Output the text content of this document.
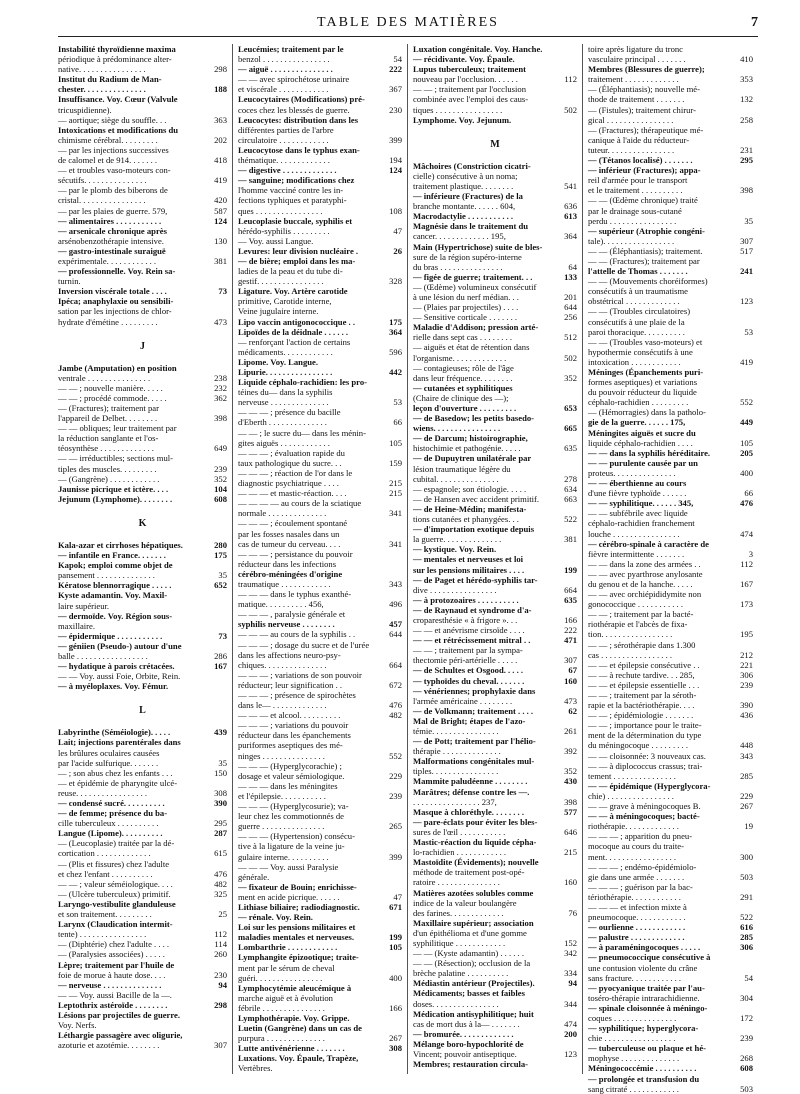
TABLE DES MATIÈRES	7
Instabilité thyroïdienne maxima
périodique à prédominance alter-
native. . . . . . . . . . . . . . . .	298
Institut du Radium de Man-
chester. . . . . . . . . . . . . . .	188
Insuffisance. Voy. Cœur (Valvule
tricuspidienne).
— aortique; siège du souffle. . .	363
Intoxications et modifications du
chimisme cérébral. . . . . . . . .	202
— par les injections successives
de calomel et de 914. . . . . . .	418
— et troubles vaso-moteurs con-
sécutifs. . . . . . . . . . . . . . .	419
— par le plomb des biberons de
cristal. . . . . . . . . . . . . . . .	420
— par les plaies de guerre. 579,	587
— alimentaires . . . . . . . . . . .	124
— arsenicale chronique après
arsénobenzothérapie intensive.	130
— gastro-intestinale suraiguë
expérimentale. . . . . . . . . . . .	381
— professionnelle. Voy. Rein sa-
turnin.
Inversion viscérale totale . . . .	73
Ipéca; anaphylaxie ou sensibili-
sation par les injections de chlor-
hydrate d'émétine . . . . . . . . .	473
J
Jambe (Amputation) en position
ventrale . . . . . . . . . . . . . . .	238
— — ; nouvelle manière. . . . .	232
— — ; procédé commode. . . . .	362
— (Fractures); traitement par
l'appareil de Delbet. . . . . . . .	398
— — obliques; leur traitement par
la réduction sanglante et l'os-
téosynthèse . . . . . . . . . . . . .	649
— — irréductibles; sections mul-
tiples des muscles. . . . . . . . .	239
— (Gangrène) . . . . . . . . . . . .	352
Jaunisse picrique et ictère. . . .	104
Jejunum (Lymphome). . . . . . . .	608
K
Kala-azar et cirrhoses hépatiques.	280
— infantile en France. . . . . . .	175
Kapok; emploi comme objet de
pansement . . . . . . . . . . . . . .	35
Kératose blennorragique . . . . .	652
Kyste adamantin. Voy. Maxil-
laire supérieur.
— dermoïde. Voy. Région sous-
maxillaire.
— épidermique . . . . . . . . . . .	73
— géniien (Pseudo-) autour d'une
balle . . . . . . . . . . . . . . . . .	286
— hydatique à parois crétacées.	167
— — Voy. aussi Foie, Orbite, Rein.
— à myéloplaxes. Voy. Fémur.
L
Labyrinthe (Séméiologie). . . . .	439
Lait; injections parentérales dans
les brûlures oculaires causées
par l'acide sulfurique. . . . . . .	35
— ; son abus chez les enfants . . .	150
— et épidémie de pharyngite ulcé-
reuse. . . . . . . . . . . . . . . . .	308
— condensé sucré. . . . . . . . . .	390
— de femme; présence du ba-
cille tuberculeux . . . . . . . . . .	295
Langue (Lipome). . . . . . . . . .	287
— (Leucoplasie) traitée par la dé-
cortication . . . . . . . . . . . . .	615
— (Plis et fissures) chez l'adulte
et chez l'enfant . . . . . . . . . .	476
— — ; valeur séméiologique. . . .	482
— (Ulcère tuberculeux) primitif.	325
Laryngo-vestibulite glanduleuse
et son traitement. . . . . . . . .	25
Larynx (Claudication intermit-
tente) . . . . . . . . . . . . . . . .	112
— (Diphtérie) chez l'adulte . . . .	114
— (Paralysies associées) . . . . .	260
Lèpre; traitement par l'huile de
foie de morue à haute dose. . . .	230
— nerveuse . . . . . . . . . . . . . .	94
— — Voy. aussi Bacille de la —.
Leptothrix astéroïde . . . . . . . .	298
Lésions par projectiles de guerre.
Voy. Nerfs.
Léthargie passagère avec oligurie,
azoturie et azotémie. . . . . . . .	307
Leucémies; traitement par le
benzol . . . . . . . . . . . . . . . .	54
— aiguë . . . . . . . . . . . . . . .	222
— — avec spirochétose urinaire
et viscérale . . . . . . . . . . . .	367
Leucocytaires (Modifications) pré-
coces chez les blessés de guerre.	230
Leucocytes: distribution dans les
différentes parties de l'arbre
circulatoire . . . . . . . . . . . .	399
Leucocytose dans le typhus exan-
thématique. . . . . . . . . . . . .	194
— digestive . . . . . . . . . . . . .	124
— sanguine; modifications chez
l'homme vacciné contre les in-
fections typhiques et paratyphi-
ques . . . . . . . . . . . . . . . .	108
Leucoplasie buccale, syphilis et
hérédo-syphilis . . . . . . . . .	47
— Voy. aussi Langue.
Levures: leur division nucléaire .	26
— de bière; emploi dans les ma-
ladies de la peau et du tube di-
gestif. . . . . . . . . . . . . . . .	328
Ligature. Voy. Artère carotide
primitive, Carotide interne,
Veine jugulaire interne.
Lipo vaccin antigonococcique . .	175
Lipoïdes de la déidnale . . . . . .	364
— renforçant l'action de certains
médicaments. . . . . . . . . . . .	596
Lipome. Voy. Langue.
Lipurie. . . . . . . . . . . . . . . .	442
Liquide céphalo-rachidien: les pro-
téines du— dans la syphilis
nerveuse . . . . . . . . . . . . . .	53
— — — ; présence du bacille
d'Eberth . . . . . . . . . . . . . .	66
— — ; le sucre du— dans les ménin-
gites aiguës . . . . . . . . . . . .	105
— — — ; évaluation rapide du
taux pathologique du sucre. . .	159
— — — ; réaction de l'or dans le
diagnostic psychiatrique . . . .	215
— — — et mastic-réaction. . . .	215
— — — — au cours de la sciatique
normale . . . . . . . . . . . . . .	341
— — — ; écoulement spontané
par les fosses nasales dans un
cas de tumeur du cerveau. . . .	341
— — — ; persistance du pouvoir
réducteur dans les infections
cérébro-méningées d'origine
traumatique . . . . . . . . . . . .	343
— — — dans le typhus exanthé-
matique. . . . . . . . . . 456,	496
— — — , paralysie générale et
syphilis nerveuse . . . . . . . .	457
— — — au cours de la syphilis . .	644
— — — ; dosage du sucre et de l'urée
dans les affections neuro-psy-
chiques. . . . . . . . . . . . . . .	664
— — — ; variations de son pouvoir
réducteur; leur signification . .	672
— — — ; présence de spirochètes
dans le— . . . . . . . . . . . . .	476
— — — et alcool. . . . . . . . . .	482
— — — ; variations du pouvoir
réducteur dans les épanchements
puriformes aseptiques des mé-
ninges . . . . . . . . . . . . . . .	552
— — — (Hyperglycorachie) ;
dosage et valeur sémiologique.	229
— — — dans les méningites
et l'épilepsie. . . . . . . . . . .	239
— — — (Hyperglycosurie); va-
leur chez les commotionnés de
guerre . . . . . . . . . . . . . . .	265
— — — (Hypertension) consécu-
tive à la ligature de la veine ju-
gulaire interne. . . . . . . . . .	399
— — — Voy. aussi Paralysie
générale.
— fixateur de Bouin; enrichisse-
ment en acide picrique. . . . . .	47
Lithiase biliaire; radiodiagnostic.	671
— rénale. Voy. Rein.
Loi sur les pensions militaires et
maladies mentales et nerveuses.	199
Lombarthrie . . . . . . . . . . . .	105
Lymphangite épizootique; traite-
ment par le sérum de cheval
guéri. . . . . . . . . . . . . . . .	400
Lymphocytémie aleucémique à
marche aiguë et à évolution
fébrile . . . . . . . . . . . . . . .	166
Lymphothérapie. Voy. Grippe.
Luetin (Gangrène) dans un cas de
purpura . . . . . . . . . . . . . .	267
Lutte antivénérienne . . . . . . .	308
Luxations. Voy. Épaule, Trapèze,
Vertèbres.
Luxation congénitale. Voy. Hanche.
— récidivante. Voy. Épaule.
Lupus tuberculeux; traitement
nouveau par l'occlusion. . . . . .	112
— — ; traitement par l'occlusion
combinée avec l'emploi des caus-
tiques . . . . . . . . . . . . . . . .	502
Lymphome. Voy. Jejunum.
M
Mâchoires (Constriction cicatri-
cielle) consécutive à un noma;
traitement plastique. . . . . . . .	541
— inférieure (Fractures) de la
branche montante. . . . . . 604,	636
Macrodactylie . . . . . . . . . . .	613
Magnésie dans le traitement du
cancer. . . . . . . . . . . . . 195,	364
Main (Hypertrichose) suite de bles-
sure de la région supéro-interne
du bras . . . . . . . . . . . . . . .	64
— figée de guerre; traitement. . .	133
— (Œdème) volumineux consécutif
à une lésion du nerf médian. . .	201
— (Plaies par projectiles) . . . .	644
— Sensitive corticale . . . . . . .	256
Maladie d'Addison; pression arté-
rielle dans sept cas . . . . . . . .	512
— aiguës et état de rétention dans
l'organisme. . . . . . . . . . . . .	502
— contagieuses; rôle de l'âge
dans leur fréquence. . . . . . . .	352
— cutanées et syphilitiques
(Chaire de clinique des —);
leçon d'ouverture . . . . . . . . .	653
— de Basedow; les petits basedo-
wiens. . . . . . . . . . . . . . . .	665
— de Darcum; histoirographie,
histochimie et pathogénie. . . . .	635
— de Dupuytren unilatérale par
lésion traumatique légère du
cubital. . . . . . . . . . . . . . .	278
— espagnole; son étiologie. . . . .	634
— de Hansen avec accident primitif.	663
— de Heine-Médin; manifesta-
tions cutanées et phanygées. . .	522
— d'importation exotique depuis
la guerre. . . . . . . . . . . . . .	381
— kystique. Voy. Rein.
— mentales et nerveuses et loi
sur les pensions militaires . . . .	199
— de Paget et hérédo-syphilis tar-
dive . . . . . . . . . . . . . . . .	664
— à protozoaires . . . . . . . . . .	635
— de Raynaud et syndrome d'a-
croparesthésie « à frigore ». . .	166
— — et anévrisme cirsoïde . . . .	222
— — et rétrécissement mitral . .	471
— — ; traitement par la sympa-
thectomie péri-artérielle . . . . .	307
— de Schultes et Osgood. . . . .	67
— typhoïdes du cheval. . . . . . .	160
— vénériennes; prophylaxie dans
l'armée américaine . . . . . . . .	473
— de Volkmann; traitement . . . .	62
Mal de Bright; étapes de l'azo-
témie. . . . . . . . . . . . . . . .	261
— de Pott; traitement par l'hélio-
thérapie . . . . . . . . . . . . . .	392
Malformations congénitales mul-
tiples. . . . . . . . . . . . . . . .	352
Mammite paludéenne . . . . . . . .	430
Marâtres; défense contre les —.
. . . . . . . . . . . . . . . . 237,	398
Masque à chloréthyle. . . . . . . .	577
— pare-éclats pour éviter les bles-
sures de l'œil . . . . . . . . . . .	646
Mastic-réaction du liquide cépha-
lo-rachidien . . . . . . . . . . . .	215
Mastoïdite (Évidements); nouvelle
méthode de traitement post-opé-
ratoire . . . . . . . . . . . . . . .	160
Matières azotées solubles comme
indice de la valeur boulangère
des farines. . . . . . . . . . . . .	76
Maxillaire supérieur; association
d'un épithélioma et d'une gomme
syphilitique . . . . . . . . . . . .	152
— — (Kyste adamantin) . . . . . .	342
— — (Résection); occlusion de la
brèche palatine . . . . . . . . . .	334
Médiastin antérieur (Projectiles).	94
Médicaments; basses et faibles
doses. . . . . . . . . . . . . . . .	344
Médication antisyphilitique; huit
cas de mort dus à la— . . . . . . .	474
— bromurée. . . . . . . . . . . . .	200
Mélange boro-hypochlorité de
Vincent; pouvoir antiseptique.	123
Membres; restauration circula-
toire après ligature du tronc
vasculaire principal . . . . . . .	410
Membres (Blessures de guerre);
traitement . . . . . . . . . . . . .	353
— (Éléphantiasis); nouvelle mé-
thode de traitement . . . . . . .	132
— (Fistules); traitement chirur-
gical . . . . . . . . . . . . . . . .	258
— (Fractures); thérapeutique mé-
canique à l'aide du réducteur-
tuteur. . . . . . . . . . . . . . . .	231
— (Tétanos localisé) . . . . . . .	295
— inférieur (Fractures); appa-
reil d'armée pour le transport
et le traitement . . . . . . . . . .	398
— — (Œdème chronique) traité
par le drainage sous-cutané
perdu . . . . . . . . . . . . . . . .	35
— supérieur (Atrophie congéni-
tale). . . . . . . . . . . . . . . . .	307
— — (Éléphantiasis); traitement.	517
— — (Fractures); traitement par
l'attelle de Thomas . . . . . . .	241
— — (Mouvements choréiformes)
consécutifs à un traumatisme
obstétrical . . . . . . . . . . . . .	123
— — (Troubles circulatoires)
consécutifs à une plaie de la
paroi thoracique. . . . . . . . . .	53
— — (Troubles vaso-moteurs) et
hypothermie consécutifs à une
intoxication . . . . . . . . . . . .	419
Méninges (Épanchements puri-
formes aseptiques) et variations
du pouvoir réducteur du liquide
céphalo-rachidien . . . . . . . . .	552
— (Hémorragies) dans la patholo-
gie de la guerre. . . . . . 175,	449
Méningites aiguës et sucre du
liquide céphalo-rachidien . . . .	105
— — dans la syphilis héréditaire.	205
— — purulente causée par un
proteus. . . . . . . . . . . . . . .	400
— — éberthienne au cours
d'une fièvre typhoïde . . . . . .	66
— — syphilitique. . . . . . 345,	476
— — subfébrile avec liquide
céphalo-rachidien franchement
louche . . . . . . . . . . . . . . . .	474
— cérébro-spinale à caractère de
fièvre intermittente . . . . . . .	3
— — dans la zone des armées . .	112
— — avec pyarthrose anylosante
du genou et de la hanche. . . . .	167
— — avec orchiépididymite non
gonococcique . . . . . . . . . . .	173
— — ; traitement par la bacté-
riothérapie et l'abcès de fixa-
tion. . . . . . . . . . . . . . . . .	195
— — ; sérothérapie dans 1.300
cas . . . . . . . . . . . . . . . . .	212
— — et épilepsie consécutive . .	221
— — à rechute tardive. . . 285,	306
— — et épilepsie essentielle . . .	239
— — ; traitement par la séroth-
rapie et la bactériothérapie. . . .	390
— — ; épidémiologie . . . . . . .	436
— — ; importance pour le traite-
ment de la détermination du type
du méningocoque . . . . . . . . .	448
— — cloisonnée: 3 nouveaux cas.	343
— — à diplococcus crassus; trai-
tement . . . . . . . . . . . . . . .	285
— — épidémique (Hyperglycora-
chie) . . . . . . . . . . . . . . . .	229
— — grave à méningocoques B.	267
— — à méningocoques; bacté-
riothérapie. . . . . . . . . . . . .	19
— — — ; apparition du pneu-
mocoque au cours du traite-
ment. . . . . . . . . . . . . . . . .	300
— — — ; endémo-épidémiolo-
gie dans une armée . . . . . . .	503
— — — ; guérison par la bac-
tériothérapie. . . . . . . . . . . .	291
— — — et infection mixte à
pneumocoque. . . . . . . . . . . .	522
— ourlienne . . . . . . . . . . . .	616
— palustre . . . . . . . . . . . . .	285
— à paraméningocoques . . . . .	306
— pneumococcique consécutive à
une contusion violente du crâne
sans fracture. . . . . . . . . . . .	54
— pyocyanique traitée par l'au-
toséro-thérapie intrarachidienne.	304
— spinale cloisonnée à méningo-
coques . . . . . . . . . . . . . . .	172
— syphilitique; hyperglycora-
chie . . . . . . . . . . . . . . . . .	239
— tuberculeuse ou plaque et hé-
mophyse . . . . . . . . . . . . . .	268
Méningococcémie . . . . . . . . . .	608
— prolongée et transfusion du
sang citraté . . . . . . . . . . . .	503
